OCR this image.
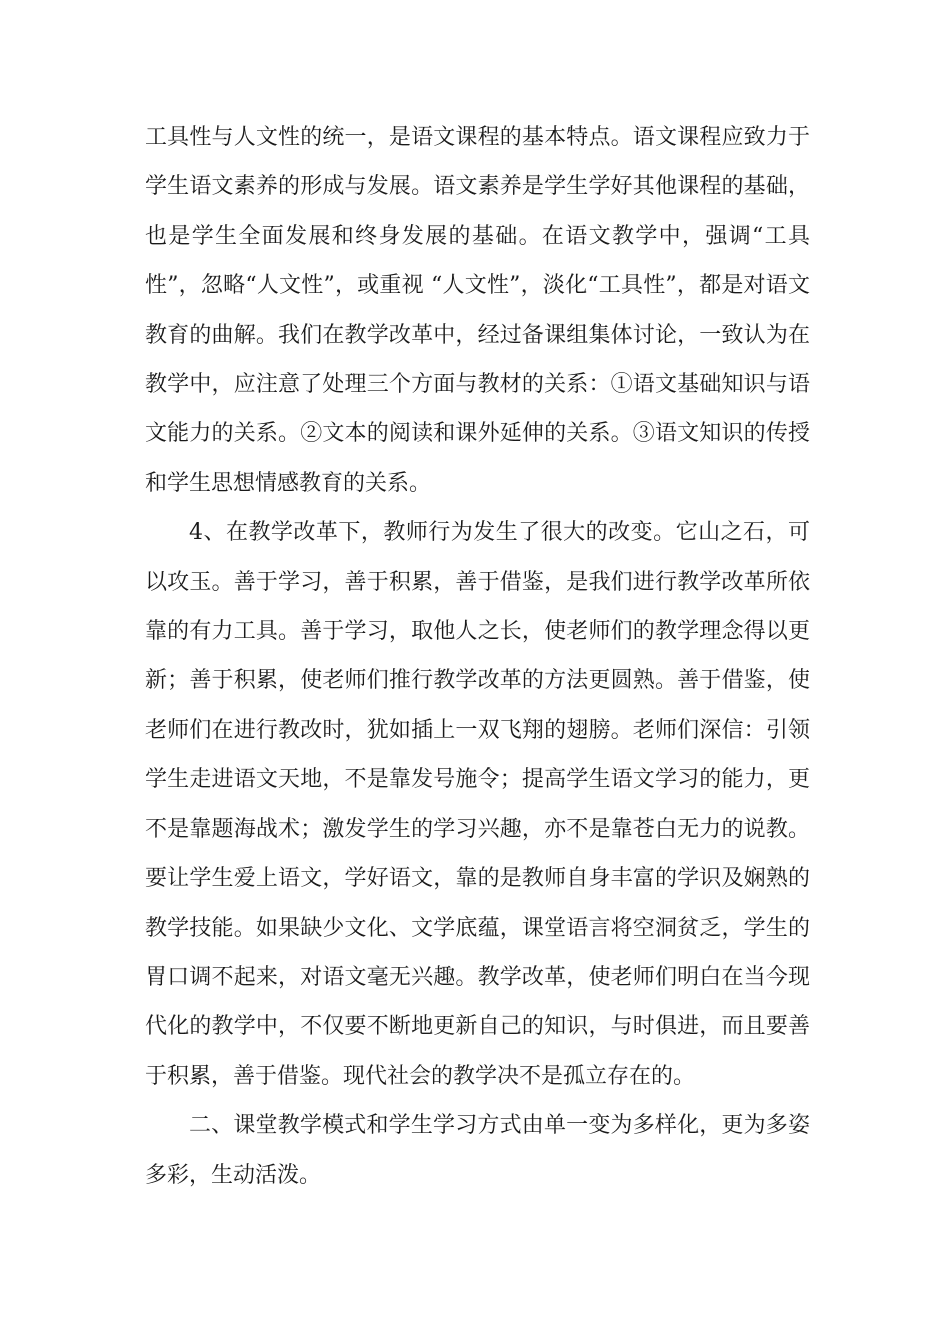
工具性与人文性的统一，是语文课程的基本特点。语文课程应致力于学生语文素养的形成与发展。语文素养是学生学好其他课程的基础，也是学生全面发展和终身发展的基础。在语文教学中，强调“工具性”，忽略“人文性”，或重视 “人文性”，淡化“工具性”，都是对语文教育的曲解。我们在教学改革中，经过备课组集体讨论，一致认为在教学中，应注意了处理三个方面与教材的关系：①语文基础知识与语文能力的关系。②文本的阅读和课外延伸的关系。③语文知识的传授和学生思想情感教育的关系。

4、在教学改革下，教师行为发生了很大的改变。它山之石，可以攻玉。善于学习，善于积累，善于借鉴，是我们进行教学改革所依靠的有力工具。善于学习，取他人之长，使老师们的教学理念得以更新；善于积累，使老师们推行教学改革的方法更圆熟。善于借鉴，使老师们在进行教改时，犹如插上一双飞翔的翅膀。老师们深信：引领学生走进语文天地，不是靠发号施令；提高学生语文学习的能力，更不是靠题海战术；激发学生的学习兴趣，亦不是靠苍白无力的说教。要让学生爱上语文，学好语文，靠的是教师自身丰富的学识及娴熟的教学技能。如果缺少文化、文学底蕴，课堂语言将空洞贫乏，学生的胃口调不起来，对语文毫无兴趣。教学改革，使老师们明白在当今现代化的教学中，不仅要不断地更新自己的知识，与时俱进，而且要善于积累，善于借鉴。现代社会的教学决不是孤立存在的。

二、课堂教学模式和学生学习方式由单一变为多样化，更为多姿多彩，生动活泼。
